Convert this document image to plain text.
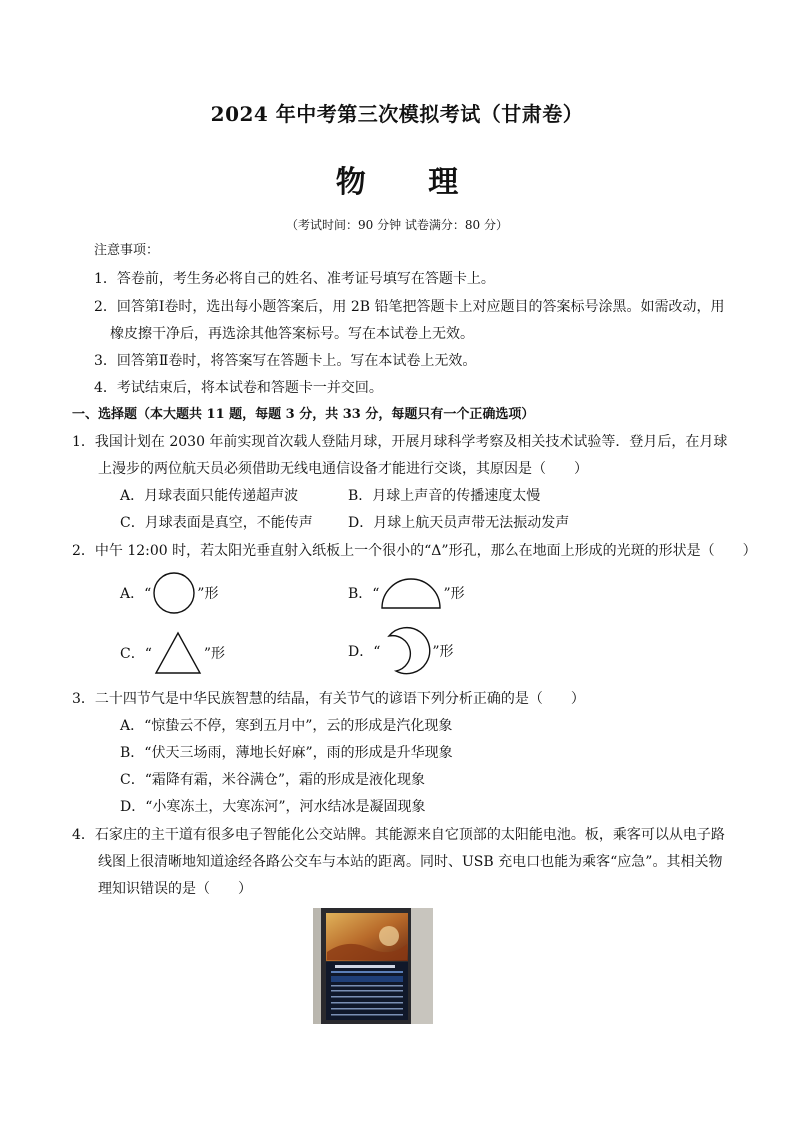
2024 年中考第三次模拟考试（甘肃卷）
物 理
（考试时间：90 分钟 试卷满分：80 分）
注意事项：
1．答卷前，考生务必将自己的姓名、准考证号填写在答题卡上。
2．回答第Ⅰ卷时，选出每小题答案后，用 2B 铅笔把答题卡上对应题目的答案标号涂黑。如需改动，用
橡皮擦干净后，再选涂其他答案标号。写在本试卷上无效。
3．回答第Ⅱ卷时，将答案写在答题卡上。写在本试卷上无效。
4．考试结束后，将本试卷和答题卡一并交回。
一、选择题（本大题共 11 题，每题 3 分，共 33 分，每题只有一个正确选项）
1．我国计划在 2030 年前实现首次载人登陆月球，开展月球科学考察及相关技术试验等．登月后，在月球
上漫步的两位航天员必须借助无线电通信设备才能进行交谈，其原因是（　　）
A．月球表面只能传递超声波	B．月球上声音的传播速度太慢
C．月球表面是真空，不能传声	D．月球上航天员声带无法振动发声
2．中午 12:00 时，若太阳光垂直射入纸板上一个很小的“Δ”形孔，那么在地面上形成的光斑的形状是（　　）
A．“	”形	B．“	”形
C．“	”形	D．“	”形
3．二十四节气是中华民族智慧的结晶，有关节气的谚语下列分析正确的是（　　）
A．“惊蛰云不停，寒到五月中”，云的形成是汽化现象
B．“伏天三场雨，薄地长好麻”，雨的形成是升华现象
C．“霜降有霜，米谷满仓”，霜的形成是液化现象
D．“小寒冻土，大寒冻河”，河水结冰是凝固现象
4．石家庄的主干道有很多电子智能化公交站牌。其能源来自它顶部的太阳能电池。板，乘客可以从电子路
线图上很清晰地知道途经各路公交车与本站的距离。同时、USB 充电口也能为乘客“应急”。其相关物
理知识错误的是（　　）
